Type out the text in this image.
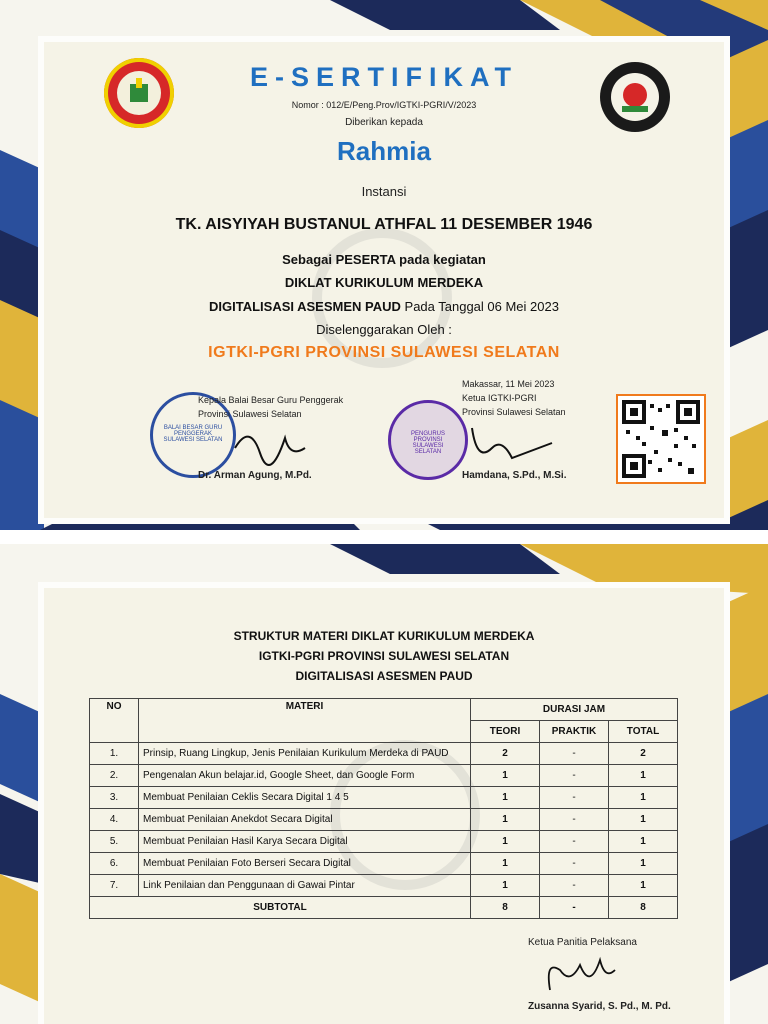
E-SERTIFIKAT
Nomor : 012/E/Peng.Prov/IGTKI-PGRI/V/2023
Diberikan kepada
Rahmia
Instansi
TK. AISYIYAH BUSTANUL ATHFAL 11 DESEMBER 1946
Sebagai PESERTA pada kegiatan
DIKLAT KURIKULUM MERDEKA
DIGITALISASI ASESMEN PAUD Pada Tanggal 06 Mei 2023
Diselenggarakan Oleh :
IGTKI-PGRI PROVINSI SULAWESI SELATAN
BALAI BESAR GURU PENGGERAK SULAWESI SELATAN
Kepala Balai Besar Guru Penggerak
Provinsi Sulawesi Selatan
Dr. Arman Agung, M.Pd.
Makassar, 11 Mei 2023
Ketua IGTKI-PGRI
Provinsi Sulawesi Selatan
PENGURUS PROVINSI SULAWESI SELATAN
Hamdana, S.Pd., M.Si.
STRUKTUR MATERI DIKLAT KURIKULUM MERDEKA
IGTKI-PGRI PROVINSI SULAWESI SELATAN
DIGITALISASI ASESMEN PAUD
NO	MATERI	DURASI JAM		
		TEORI	PRAKTIK	TOTAL
1.	Prinsip, Ruang Lingkup, Jenis Penilaian Kurikulum Merdeka di PAUD	2	-	2
2.	Pengenalan Akun belajar.id, Google Sheet, dan Google Form	1	-	1
3.	Membuat Penilaian Ceklis Secara Digital 1 4 5	1	-	1
4.	Membuat Penilaian Anekdot Secara Digital	1	-	1
5.	Membuat Penilaian Hasil Karya Secara Digital	1	-	1
6.	Membuat Penilaian Foto Berseri Secara Digital	1	-	1
7.	Link Penilaian dan Penggunaan di Gawai Pintar	1	-	1
SUBTOTAL		8	-	8
Ketua Panitia Pelaksana
Zusanna Syarid, S. Pd., M. Pd.
